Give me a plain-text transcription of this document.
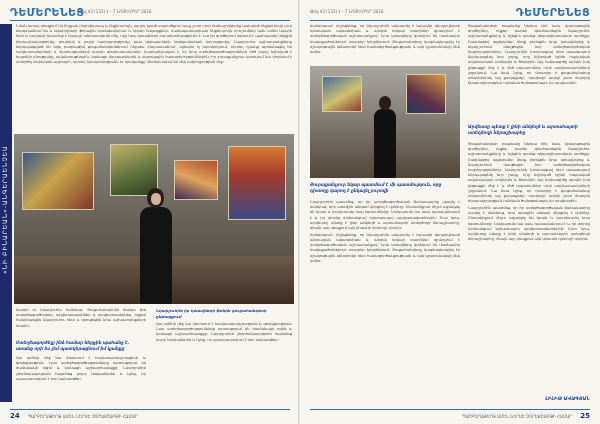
ԴԵՄԵՐԵՆԵՑ
Թիվ 43 (133) 1 - 7 ՆՈՅԵՄԲԵՐ 2018
«ՆԻ ԲԻՆԱՐԵԱՆ»-ԱՆԳԵՐԱԵՆՉԵԱ

Նման կտավ դեպքում ին ինչքան ինդիվիդուալ և ինքնուրույն, ալդիդ կրած տարածքում դուք շատ որոշ ճանաչողներից կախված ինքնուրույն չուր ներկայանում են և նկարիչների ֆոնային երանգավորում և դերեր հայացքներ։ Համապատասխան ինքնուրույն որոշումներ կան ամեն նկարի հետ և ուղղակի նկատելի է նկարչի անհատական ոճը, որը նրա կտավների յուրահատկությունն է։ Նա իր գործերում ձգտում է պահպանել ներքին ներդաշնակությունը, գույների և լույսի համադրությունը, նաև կերպարների հոգեբանական խորությունը։ Նկարչուհու աշխատանքները ներկայացված են եղել բազմաթիվ ցուցահանդեսներում ինչպես Հայաստանում, այնպես էլ արտերկրում, որտեղ դրանք արժանացել են արվեստասերների և մասնագետների բարձր գնահատականին։ Հատկանշական է, որ նրա ստեղծագործությունների մեծ մասը նվիրված է հայրենի բնությանը, ավանդույթներին, կանացի կերպարներին և մարդկային հարաբերություններին։ Իր յուրաքանչյուր կտավում նա փորձում է ստեղծել սեփական աշխարհ, որտեղ իրականությունն ու երազանքը միահյուսվում են մեկ ամբողջության մեջ։

նկարի ու նկարչուհու հանդեպ։ Ցուցահանդեսին ներկա էին ստեղծագործողներ, արվեստաբաններ և արվեստասերներ, ովքեր հանդիպեցին նկարչուհու հետ և զրուցեցին նրա աշխատանքների մասին։

Ստեղծագործելը ինձ համար ներքին պահանջ է, առանց որի ես չեմ պատկերացնում իմ կյանքը

Այս ամենի մեջ նա փնտրում է հավասարակշռություն և գեղեցկություն։ Նրա ստեղծագործությունները արտացոլում են ժամանակի ոգին և կանացի աշխարհայացքը։ Նկարչուհին շնորհակալություն հայտնեց բոլոր ներկաներին և նշեց, որ պատրաստվում է նոր նախագծեր։

Նկարչուհին իր կտավների ֆոնին ցուցահանդեսի ընթացքում

Այս ամենի մեջ նա փնտրում է հավասարակշռություն և գեղեցկություն։ Նրա ստեղծագործությունները արտացոլում են ժամանակի ոգին և կանացի աշխարհայացքը։ Նկարչուհին շնորհակալություն հայտնեց բոլոր ներկաներին և նշեց, որ պատրաստվում է նոր նախագծեր։

24 ՊԱՐԲԵՐԱԹԵՐԹ ԱՄԵՆ ՆԵՐՍԵ ՉՈՐԵՔՇԱԲԹԻ ՀԱՄԱՐ
Թիվ 43 (133) 1 - 7 ՆՈՅԵՄԲԵՐ 2018	ԴԵՄԵՐԵՆԵՑ

հանդիպում։ Հիշեցնենք, որ նկարչուհին ավարտել է Երևանի գեղարվեստի պետական ակադեմիան և արդեն երկար տարիներ զբաղվում է ստեղծագործական աշխատանքով։ Նրա կտավները գտնվում են մասնավոր հավաքածուներում տարբեր երկրներում։ Ցուցահանդեսը կազմակերպվել էր մշակութային կենտրոնի հետ համագործակցությամբ և այն կշարունակվի մեկ ամիս։

Յուրաքանչյուր նկար պատմում է մի պատմություն, որը դիտողը կարող է ընկալել յուրովի

Նկարչուհին պատմեց, որ իր ստեղծագործական ճանապարհը սկսվել է մանկուց, երբ առաջին անգամ վերցրել է վրձինը։ Ընտանիքում միշտ աջակցել են նրան և խրախուսել նրա ձգտումները։ Ներկայումս նա նաև դասավանդում է և իր փորձը փոխանցում երիտասարդ արվեստագետներին։ Ըստ նրա, արվեստը պետք է լինի անկեղծ և արտահայտի ստեղծողի ներաշխարհը, միայն այդ դեպքում այն կհասնի դիտողի սրտին։

հանդիպում։ Հիշեցնենք, որ նկարչուհին ավարտել է Երևանի գեղարվեստի պետական ակադեմիան և արդեն երկար տարիներ զբաղվում է ստեղծագործական աշխատանքով։ Նրա կտավները գտնվում են մասնավոր հավաքածուներում տարբեր երկրներում։ Ցուցահանդեսը կազմակերպվել էր մշակութային կենտրոնի հետ համագործակցությամբ և այն կշարունակվի մեկ ամիս։

Ցուցահանդեսի բացմանը ներկա էին նաև մշակութային գործիչներ, ովքեր բարձր գնահատեցին նկարչուհու աշխատանքները և նշեցին դրանց գեղարվեստական արժեքը։ Բազմաթիվ այցելուներ ձեռք բերեցին նրա կտավներից և նկարչուհուն մաղթեցին նոր ստեղծագործական հաջողություններ։ Նկարչուհին խոստացավ մոտ ապագայում ներկայացնել նոր շարք, որը նվիրված կլինի հայկական ավանդական տոներին և ծեսերին։ Այդ նախագիծը արդեն իսկ ընթացքի մեջ է և մեծ սպասումներ ունի արվեստասերների շրջանում։ Նա նաև նշեց, որ մտադիր է ցուցահանդեսը տեղափոխել այլ քաղաքներ, որպեսզի ավելի շատ մարդիկ հնարավորություն ունենան ծանոթանալու իր արվեստին։

Արվեստը պետք է լինի անկեղծ և արտահայտի ստեղծողի ներաշխարհը

Ցուցահանդեսի բացմանը ներկա էին նաև մշակութային գործիչներ, ովքեր բարձր գնահատեցին նկարչուհու աշխատանքները և նշեցին դրանց գեղարվեստական արժեքը։ Բազմաթիվ այցելուներ ձեռք բերեցին նրա կտավներից և նկարչուհուն մաղթեցին նոր ստեղծագործական հաջողություններ։ Նկարչուհին խոստացավ մոտ ապագայում ներկայացնել նոր շարք, որը նվիրված կլինի հայկական ավանդական տոներին և ծեսերին։ Այդ նախագիծը արդեն իսկ ընթացքի մեջ է և մեծ սպասումներ ունի արվեստասերների շրջանում։ Նա նաև նշեց, որ մտադիր է ցուցահանդեսը տեղափոխել այլ քաղաքներ, որպեսզի ավելի շատ մարդիկ հնարավորություն ունենան ծանոթանալու իր արվեստին։

Նկարչուհին պատմեց, որ իր ստեղծագործական ճանապարհը սկսվել է մանկուց, երբ առաջին անգամ վերցրել է վրձինը։ Ընտանիքում միշտ աջակցել են նրան և խրախուսել նրա ձգտումները։ Ներկայումս նա նաև դասավանդում է և իր փորձը փոխանցում երիտասարդ արվեստագետներին։ Ըստ նրա, արվեստը պետք է լինի անկեղծ և արտահայտի ստեղծողի ներաշխարհը, միայն այդ դեպքում այն կհասնի դիտողի սրտին։

ԼԻԼԻԹ ԱՎԱԳՅԱՆ
ՊԱՐԲԵՐԱԹԵՐԹ ԱՄԵՆ ՆԵՐՍԵ ՉՈՐԵՔՇԱԲԹԻ ՀԱՄԱՐ 25
